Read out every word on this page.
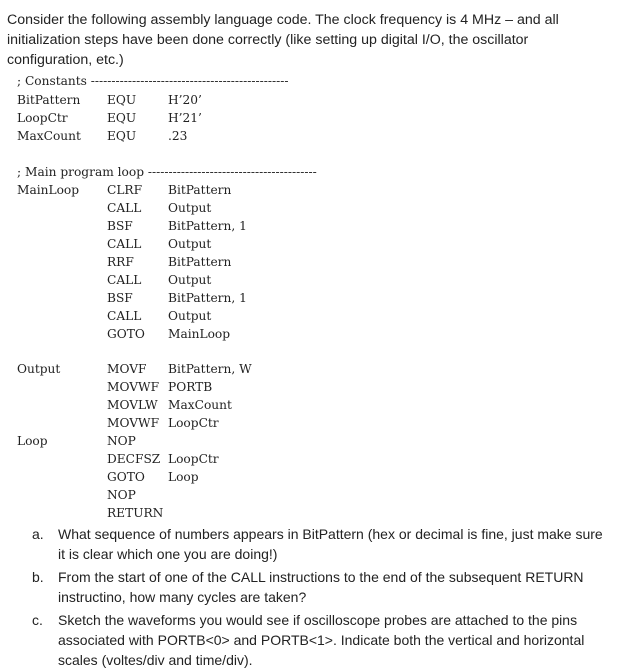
Consider the following assembly language code. The clock frequency is 4 MHz – and all
initialization steps have been done correctly (like setting up digital I/O, the oscillator
configuration, etc.)
; Constants ------------------------------------------------
BitPattern EQU	H’20’
LoopCtr	EQU	H’21’
MaxCount EQU	.23
; Main program loop -----------------------------------------
MainLoop CLRF BitPattern
CALL Output
BSF	BitPattern, 1
CALL Output
RRF	BitPattern
CALL Output
BSF	BitPattern, 1
CALL Output
GOTO MainLoop
Output	MOVF BitPattern, W
MOVWF PORTB
MOVLW MaxCount
MOVWF LoopCtr
Loop	NOP
DECFSZ LoopCtr
GOTO Loop
NOP
RETURN
a. What sequence of numbers appears in BitPattern (hex or decimal is fine, just make sure
it is clear which one you are doing!)
b. From the start of one of the CALL instructions to the end of the subsequent RETURN
instructino, how many cycles are taken?
c. Sketch the waveforms you would see if oscilloscope probes are attached to the pins
associated with PORTB<0> and PORTB<1>. Indicate both the vertical and horizontal
scales (voltes/div and time/div).
